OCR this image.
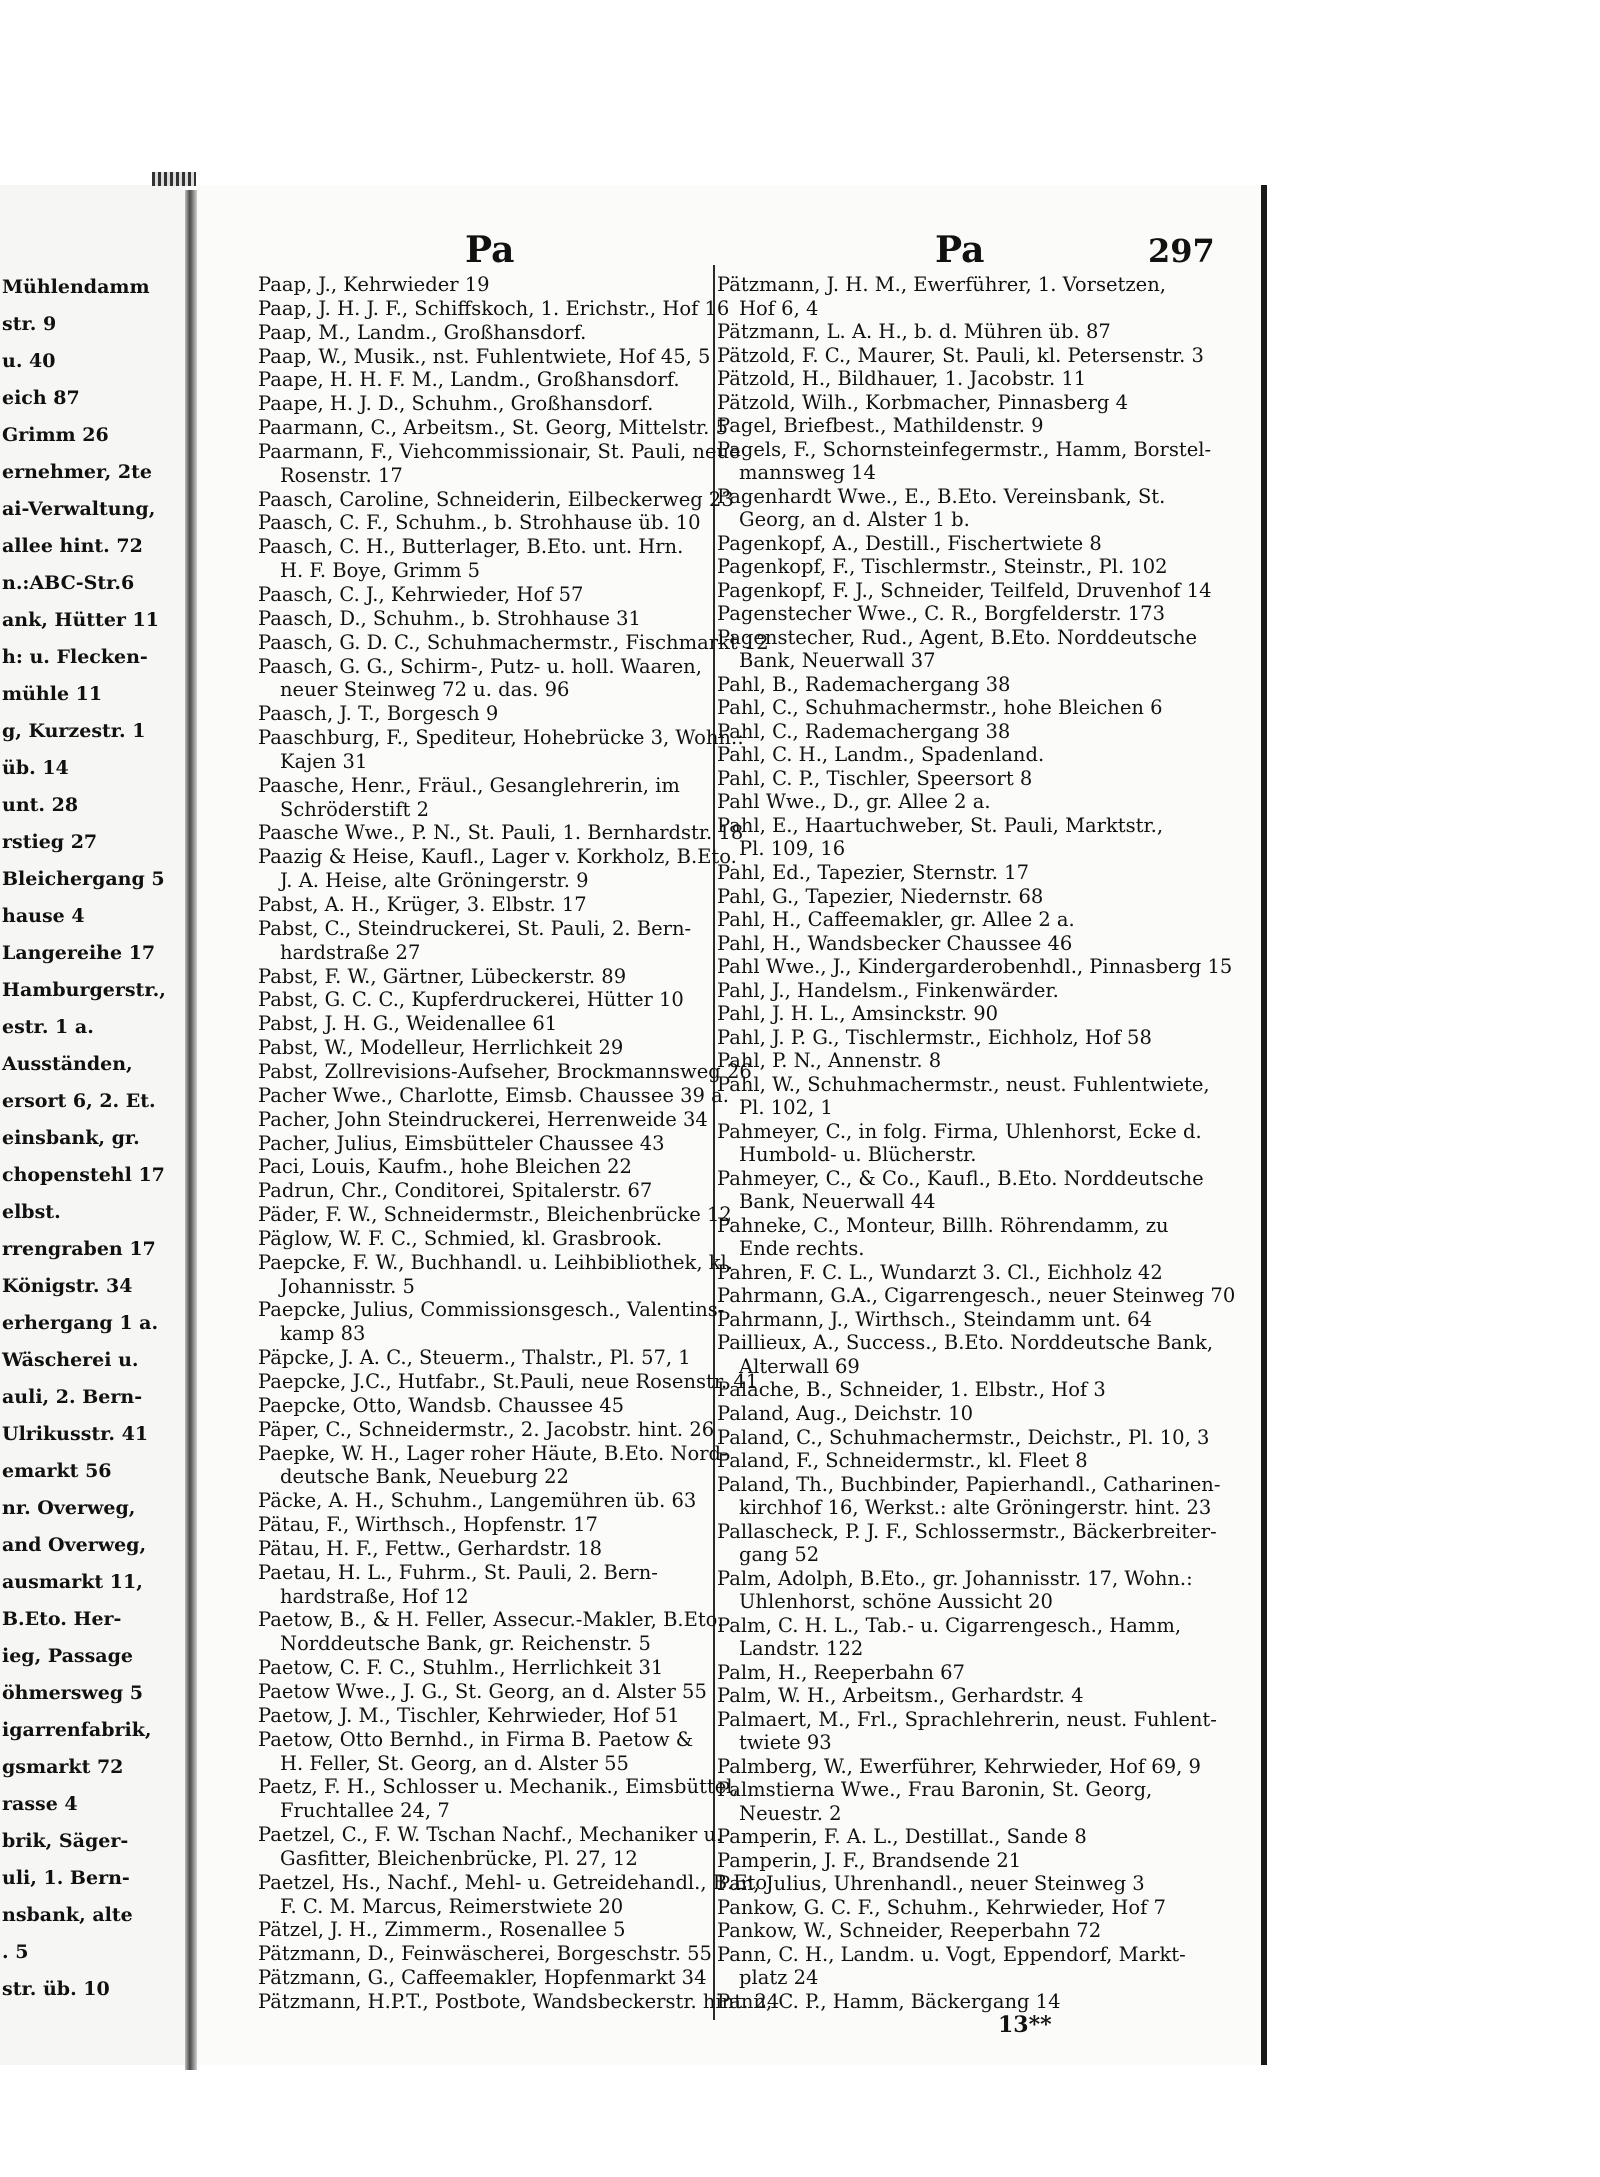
Mühlendamm
str. 9
u. 40
eich 87
Grimm 26
ernehmer, 2te
ai-Verwaltung,
allee hint. 72
n.:ABC-Str.6
ank, Hütter 11
h: u. Flecken-
mühle 11
g, Kurzestr. 1
üb. 14
unt. 28
rstieg 27
Bleichergang 5
hause 4
Langereihe 17
Hamburgerstr.,
estr. 1 a.
Ausständen,
ersort 6, 2. Et.
einsbank, gr.
chopenstehl 17
elbst.
rrengraben 17
Königstr. 34
erhergang 1 a.
Wäscherei u.
auli, 2. Bern-
Ulrikusstr. 41
emarkt 56
nr. Overweg,
and Overweg,
ausmarkt 11,
B.Eto. Her-
ieg, Passage
öhmersweg 5
igarrenfabrik,
gsmarkt 72
rasse 4
brik, Säger-
uli, 1. Bern-
nsbank, alte
. 5
str. üb. 10
Pa	Pa	297
Paap, J., Kehrwieder 19
Paap, J. H. J. F., Schiffskoch, 1. Erichstr., Hof 16
Paap, M., Landm., Großhansdorf.
Paap, W., Musik., nst. Fuhlentwiete, Hof 45, 5
Paape, H. H. F. M., Landm., Großhansdorf.
Paape, H. J. D., Schuhm., Großhansdorf.
Paarmann, C., Arbeitsm., St. Georg, Mittelstr. 5
Paarmann, F., Viehcommissionair, St. Pauli, neue
Rosenstr. 17
Paasch, Caroline, Schneiderin, Eilbeckerweg 23
Paasch, C. F., Schuhm., b. Strohhause üb. 10
Paasch, C. H., Butterlager, B.Eto. unt. Hrn.
H. F. Boye, Grimm 5
Paasch, C. J., Kehrwieder, Hof 57
Paasch, D., Schuhm., b. Strohhause 31
Paasch, G. D. C., Schuhmachermstr., Fischmarkt 12
Paasch, G. G., Schirm-, Putz- u. holl. Waaren,
neuer Steinweg 72 u. das. 96
Paasch, J. T., Borgesch 9
Paaschburg, F., Spediteur, Hohebrücke 3, Wohn.:
Kajen 31
Paasche, Henr., Fräul., Gesanglehrerin, im
Schröderstift 2
Paasche Wwe., P. N., St. Pauli, 1. Bernhardstr. 18
Paazig & Heise, Kaufl., Lager v. Korkholz, B.Eto.
J. A. Heise, alte Gröningerstr. 9
Pabst, A. H., Krüger, 3. Elbstr. 17
Pabst, C., Steindruckerei, St. Pauli, 2. Bern-
hardstraße 27
Pabst, F. W., Gärtner, Lübeckerstr. 89
Pabst, G. C. C., Kupferdruckerei, Hütter 10
Pabst, J. H. G., Weidenallee 61
Pabst, W., Modelleur, Herrlichkeit 29
Pabst, Zollrevisions-Aufseher, Brockmannsweg 26
Pacher Wwe., Charlotte, Eimsb. Chaussee 39 a.
Pacher, John Steindruckerei, Herrenweide 34
Pacher, Julius, Eimsbütteler Chaussee 43
Paci, Louis, Kaufm., hohe Bleichen 22
Padrun, Chr., Conditorei, Spitalerstr. 67
Päder, F. W., Schneidermstr., Bleichenbrücke 12
Päglow, W. F. C., Schmied, kl. Grasbrook.
Paepcke, F. W., Buchhandl. u. Leihbibliothek, kl.
Johannisstr. 5
Paepcke, Julius, Commissionsgesch., Valentins-
kamp 83
Päpcke, J. A. C., Steuerm., Thalstr., Pl. 57, 1
Paepcke, J.C., Hutfabr., St.Pauli, neue Rosenstr. 41
Paepcke, Otto, Wandsb. Chaussee 45
Päper, C., Schneidermstr., 2. Jacobstr. hint. 26
Paepke, W. H., Lager roher Häute, B.Eto. Nord-
deutsche Bank, Neueburg 22
Päcke, A. H., Schuhm., Langemühren üb. 63
Pätau, F., Wirthsch., Hopfenstr. 17
Pätau, H. F., Fettw., Gerhardstr. 18
Paetau, H. L., Fuhrm., St. Pauli, 2. Bern-
hardstraße, Hof 12
Paetow, B., & H. Feller, Assecur.-Makler, B.Eto.
Norddeutsche Bank, gr. Reichenstr. 5
Paetow, C. F. C., Stuhlm., Herrlichkeit 31
Paetow Wwe., J. G., St. Georg, an d. Alster 55
Paetow, J. M., Tischler, Kehrwieder, Hof 51
Paetow, Otto Bernhd., in Firma B. Paetow &
H. Feller, St. Georg, an d. Alster 55
Paetz, F. H., Schlosser u. Mechanik., Eimsbüttel,
Fruchtallee 24, 7
Paetzel, C., F. W. Tschan Nachf., Mechaniker u.
Gasfitter, Bleichenbrücke, Pl. 27, 12
Paetzel, Hs., Nachf., Mehl- u. Getreidehandl., B.Eto.
F. C. M. Marcus, Reimerstwiete 20
Pätzel, J. H., Zimmerm., Rosenallee 5
Pätzmann, D., Feinwäscherei, Borgeschstr. 55
Pätzmann, G., Caffeemakler, Hopfenmarkt 34
Pätzmann, H.P.T., Postbote, Wandsbeckerstr. hint. 24
Pätzmann, J. H. M., Ewerführer, 1. Vorsetzen,
Hof 6, 4
Pätzmann, L. A. H., b. d. Mühren üb. 87
Pätzold, F. C., Maurer, St. Pauli, kl. Petersenstr. 3
Pätzold, H., Bildhauer, 1. Jacobstr. 11
Pätzold, Wilh., Korbmacher, Pinnasberg 4
Pagel, Briefbest., Mathildenstr. 9
Pagels, F., Schornsteinfegermstr., Hamm, Borstel-
mannsweg 14
Pagenhardt Wwe., E., B.Eto. Vereinsbank, St.
Georg, an d. Alster 1 b.
Pagenkopf, A., Destill., Fischertwiete 8
Pagenkopf, F., Tischlermstr., Steinstr., Pl. 102
Pagenkopf, F. J., Schneider, Teilfeld, Druvenhof 14
Pagenstecher Wwe., C. R., Borgfelderstr. 173
Pagenstecher, Rud., Agent, B.Eto. Norddeutsche
Bank, Neuerwall 37
Pahl, B., Rademachergang 38
Pahl, C., Schuhmachermstr., hohe Bleichen 6
Pahl, C., Rademachergang 38
Pahl, C. H., Landm., Spadenland.
Pahl, C. P., Tischler, Speersort 8
Pahl Wwe., D., gr. Allee 2 a.
Pahl, E., Haartuchweber, St. Pauli, Marktstr.,
Pl. 109, 16
Pahl, Ed., Tapezier, Sternstr. 17
Pahl, G., Tapezier, Niedernstr. 68
Pahl, H., Caffeemakler, gr. Allee 2 a.
Pahl, H., Wandsbecker Chaussee 46
Pahl Wwe., J., Kindergarderobenhdl., Pinnasberg 15
Pahl, J., Handelsm., Finkenwärder.
Pahl, J. H. L., Amsinckstr. 90
Pahl, J. P. G., Tischlermstr., Eichholz, Hof 58
Pahl, P. N., Annenstr. 8
Pahl, W., Schuhmachermstr., neust. Fuhlentwiete,
Pl. 102, 1
Pahmeyer, C., in folg. Firma, Uhlenhorst, Ecke d.
Humbold- u. Blücherstr.
Pahmeyer, C., & Co., Kaufl., B.Eto. Norddeutsche
Bank, Neuerwall 44
Pahneke, C., Monteur, Billh. Röhrendamm, zu
Ende rechts.
Pahren, F. C. L., Wundarzt 3. Cl., Eichholz 42
Pahrmann, G.A., Cigarrengesch., neuer Steinweg 70
Pahrmann, J., Wirthsch., Steindamm unt. 64
Paillieux, A., Success., B.Eto. Norddeutsche Bank,
Alterwall 69
Palache, B., Schneider, 1. Elbstr., Hof 3
Paland, Aug., Deichstr. 10
Paland, C., Schuhmachermstr., Deichstr., Pl. 10, 3
Paland, F., Schneidermstr., kl. Fleet 8
Paland, Th., Buchbinder, Papierhandl., Catharinen-
kirchhof 16, Werkst.: alte Gröningerstr. hint. 23
Pallascheck, P. J. F., Schlossermstr., Bäckerbreiter-
gang 52
Palm, Adolph, B.Eto., gr. Johannisstr. 17, Wohn.:
Uhlenhorst, schöne Aussicht 20
Palm, C. H. L., Tab.- u. Cigarrengesch., Hamm,
Landstr. 122
Palm, H., Reeperbahn 67
Palm, W. H., Arbeitsm., Gerhardstr. 4
Palmaert, M., Frl., Sprachlehrerin, neust. Fuhlent-
twiete 93
Palmberg, W., Ewerführer, Kehrwieder, Hof 69, 9
Palmstierna Wwe., Frau Baronin, St. Georg,
Neuestr. 2
Pamperin, F. A. L., Destillat., Sande 8
Pamperin, J. F., Brandsende 21
Pan, Julius, Uhrenhandl., neuer Steinweg 3
Pankow, G. C. F., Schuhm., Kehrwieder, Hof 7
Pankow, W., Schneider, Reeperbahn 72
Pann, C. H., Landm. u. Vogt, Eppendorf, Markt-
platz 24
Pann, C. P., Hamm, Bäckergang 14
13**
